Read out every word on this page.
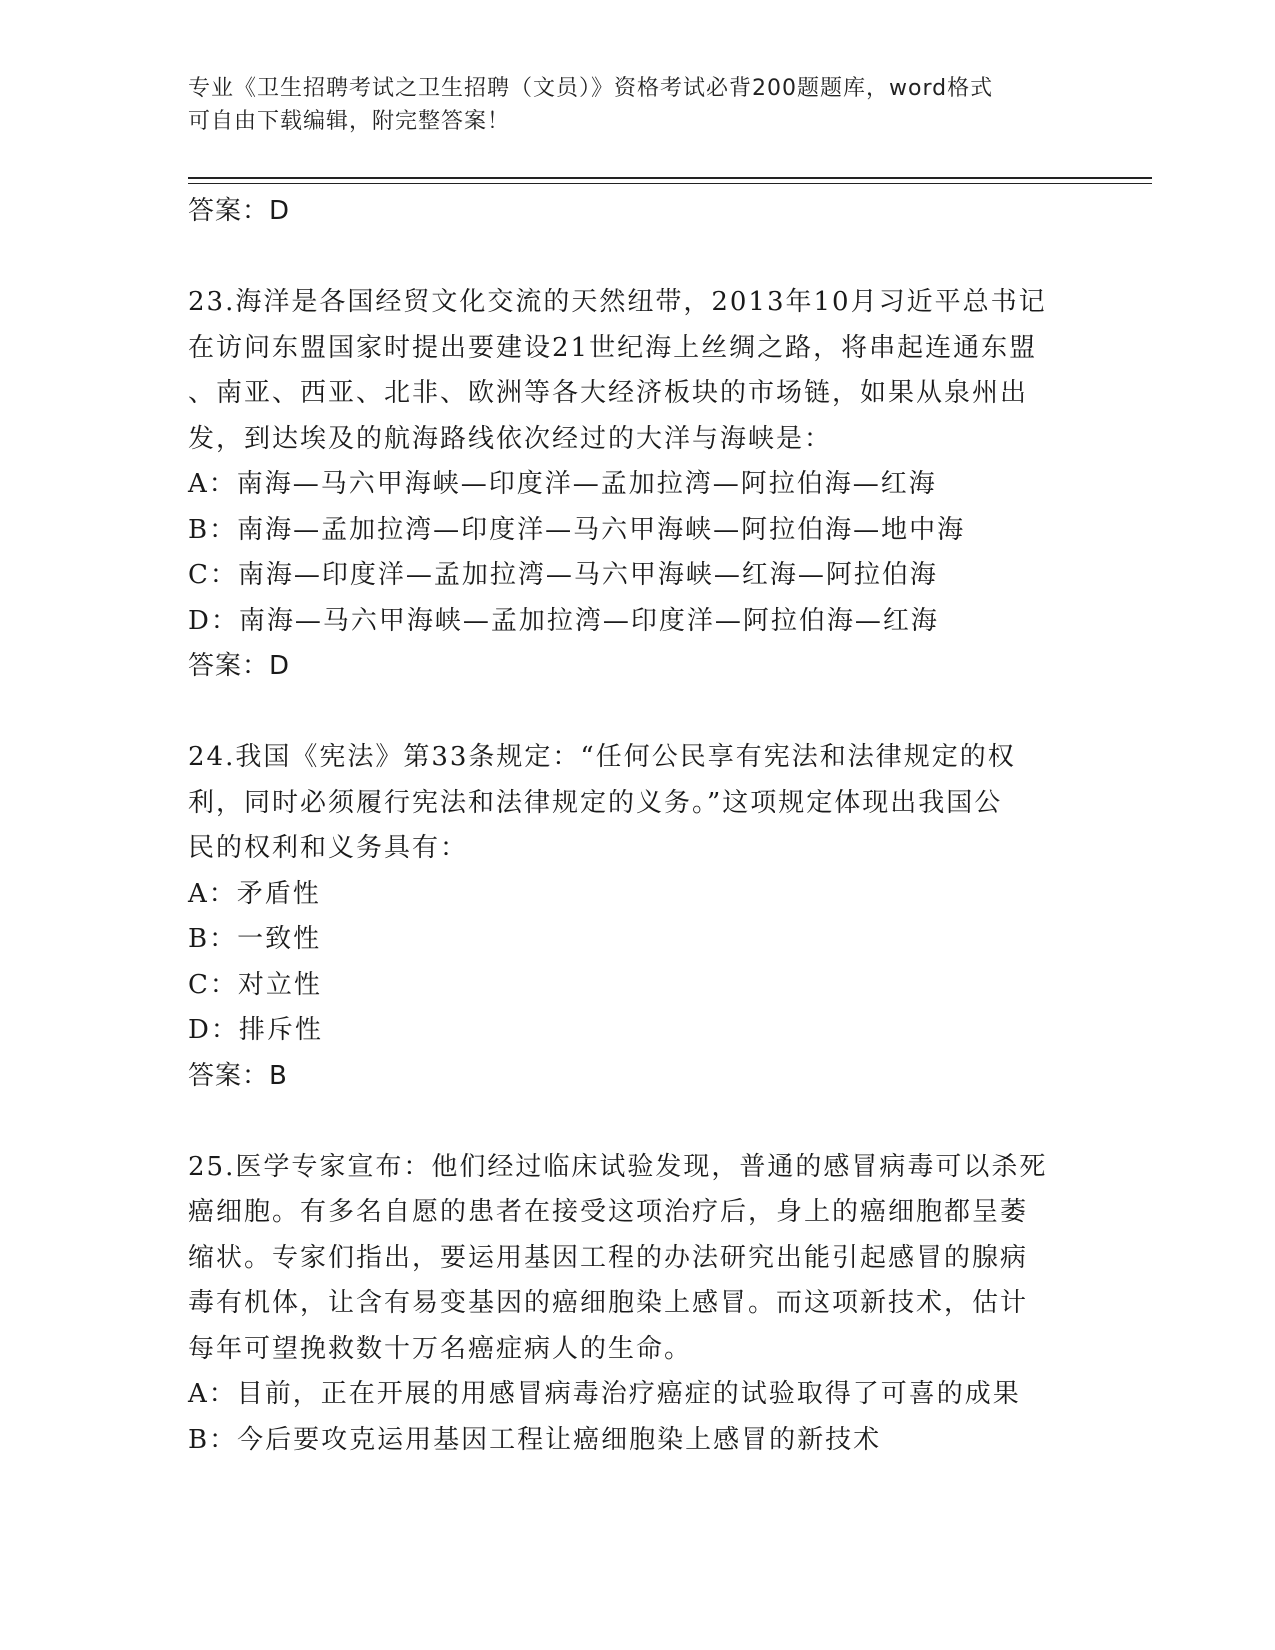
专业《卫生招聘考试之卫生招聘（文员）》资格考试必背200题题库，word格式
可自由下载编辑，附完整答案！

答案：D

23.海洋是各国经贸文化交流的天然纽带，2013年10月习近平总书记

在访问东盟国家时提出要建设21世纪海上丝绸之路，将串起连通东盟

、南亚、西亚、北非、欧洲等各大经济板块的市场链，如果从泉州出

发，到达埃及的航海路线依次经过的大洋与海峡是：

A：南海—马六甲海峡—印度洋—孟加拉湾—阿拉伯海—红海

B：南海—孟加拉湾—印度洋—马六甲海峡—阿拉伯海—地中海

C：南海—印度洋—孟加拉湾—马六甲海峡—红海—阿拉伯海

D：南海—马六甲海峡—孟加拉湾—印度洋—阿拉伯海—红海

答案：D

24.我国《宪法》第33条规定：“任何公民享有宪法和法律规定的权

利，同时必须履行宪法和法律规定的义务。”这项规定体现出我国公

民的权利和义务具有：

A：矛盾性

B：一致性

C：对立性

D：排斥性

答案：B

25.医学专家宣布：他们经过临床试验发现，普通的感冒病毒可以杀死

癌细胞。有多名自愿的患者在接受这项治疗后，身上的癌细胞都呈萎

缩状。专家们指出，要运用基因工程的办法研究出能引起感冒的腺病

毒有机体，让含有易变基因的癌细胞染上感冒。而这项新技术，估计

每年可望挽救数十万名癌症病人的生命。

A：目前，正在开展的用感冒病毒治疗癌症的试验取得了可喜的成果

B：今后要攻克运用基因工程让癌细胞染上感冒的新技术
